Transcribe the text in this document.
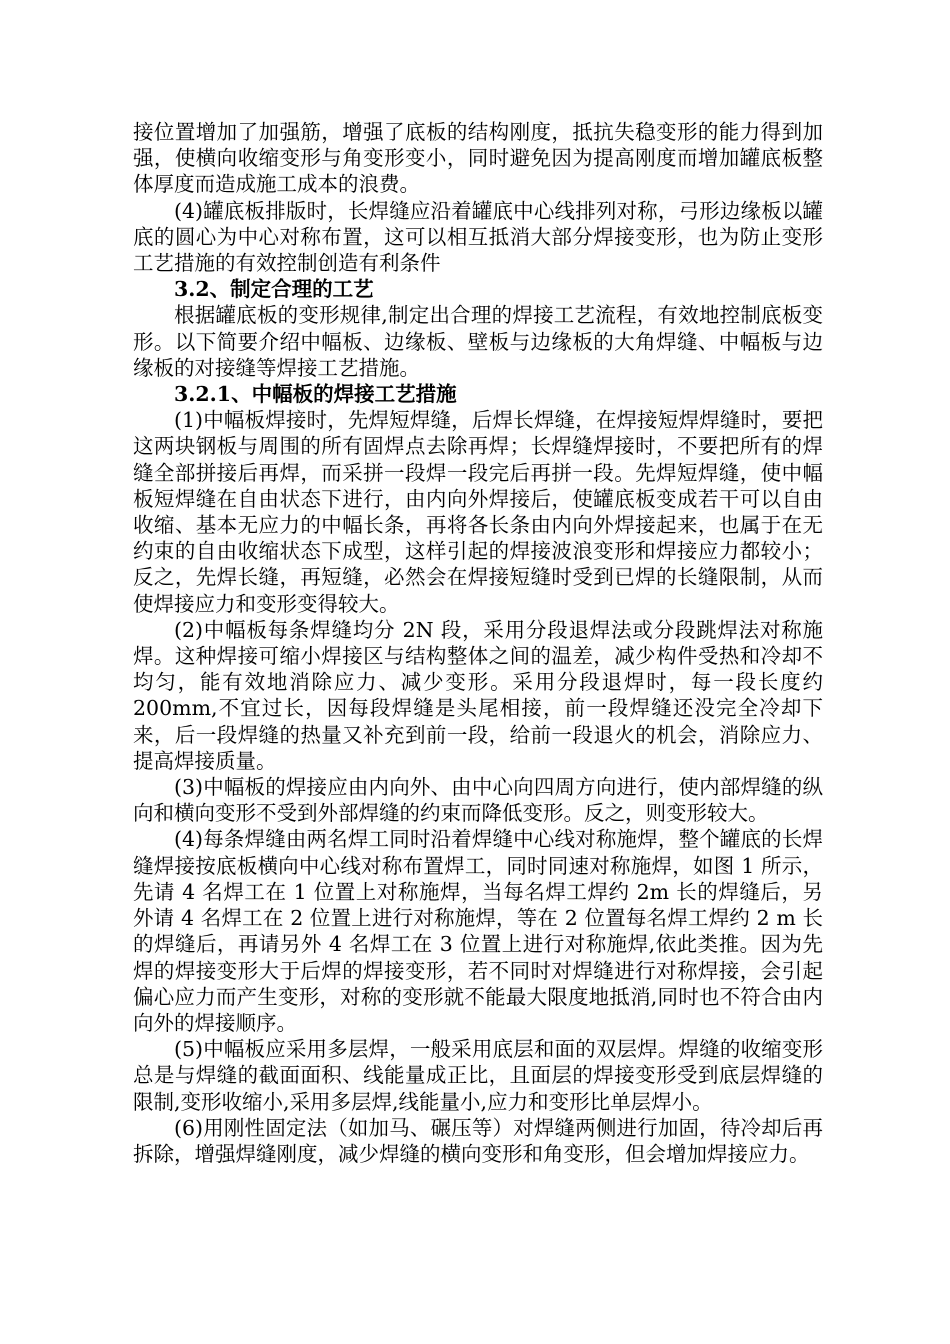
接位置增加了加强筋，增强了底板的结构刚度，抵抗失稳变形的能力得到加强，使横向收缩变形与角变形变小，同时避免因为提高刚度而增加罐底板整体厚度而造成施工成本的浪费。

(4)罐底板排版时，长焊缝应沿着罐底中心线排列对称，弓形边缘板以罐底的圆心为中心对称布置，这可以相互抵消大部分焊接变形，也为防止变形工艺措施的有效控制创造有利条件

3.2、制定合理的工艺

根据罐底板的变形规律,制定出合理的焊接工艺流程，有效地控制底板变形。以下简要介绍中幅板、边缘板、壁板与边缘板的大角焊缝、中幅板与边缘板的对接缝等焊接工艺措施。

3.2.1、中幅板的焊接工艺措施

(1)中幅板焊接时，先焊短焊缝，后焊长焊缝，在焊接短焊焊缝时，要把这两块钢板与周围的所有固焊点去除再焊；长焊缝焊接时，不要把所有的焊缝全部拼接后再焊，而采拼一段焊一段完后再拼一段。先焊短焊缝，使中幅板短焊缝在自由状态下进行，由内向外焊接后，使罐底板变成若干可以自由收缩、基本无应力的中幅长条，再将各长条由内向外焊接起来，也属于在无约束的自由收缩状态下成型，这样引起的焊接波浪变形和焊接应力都较小；反之，先焊长缝，再短缝，必然会在焊接短缝时受到已焊的长缝限制，从而使焊接应力和变形变得较大。

(2)中幅板每条焊缝均分 2N 段，采用分段退焊法或分段跳焊法对称施焊。这种焊接可缩小焊接区与结构整体之间的温差，减少构件受热和冷却不均匀，能有效地消除应力、减少变形。采用分段退焊时，每一段长度约 200mm,不宜过长，因每段焊缝是头尾相接，前一段焊缝还没完全冷却下来，后一段焊缝的热量又补充到前一段，给前一段退火的机会，消除应力、提高焊接质量。

(3)中幅板的焊接应由内向外、由中心向四周方向进行，使内部焊缝的纵向和横向变形不受到外部焊缝的约束而降低变形。反之，则变形较大。

(4)每条焊缝由两名焊工同时沿着焊缝中心线对称施焊，整个罐底的长焊缝焊接按底板横向中心线对称布置焊工，同时同速对称施焊，如图 1 所示，先请 4 名焊工在 1 位置上对称施焊，当每名焊工焊约 2m 长的焊缝后，另外请 4 名焊工在 2 位置上进行对称施焊，等在 2 位置每名焊工焊约 2 m 长的焊缝后，再请另外 4 名焊工在 3 位置上进行对称施焊,依此类推。因为先焊的焊接变形大于后焊的焊接变形，若不同时对焊缝进行对称焊接，会引起偏心应力而产生变形，对称的变形就不能最大限度地抵消,同时也不符合由内向外的焊接顺序。

(5)中幅板应采用多层焊，一般采用底层和面的双层焊。焊缝的收缩变形总是与焊缝的截面面积、线能量成正比，且面层的焊接变形受到底层焊缝的限制,变形收缩小,采用多层焊,线能量小,应力和变形比单层焊小。

(6)用刚性固定法（如加马、碾压等）对焊缝两侧进行加固，待冷却后再拆除，增强焊缝刚度，减少焊缝的横向变形和角变形，但会增加焊接应力。
